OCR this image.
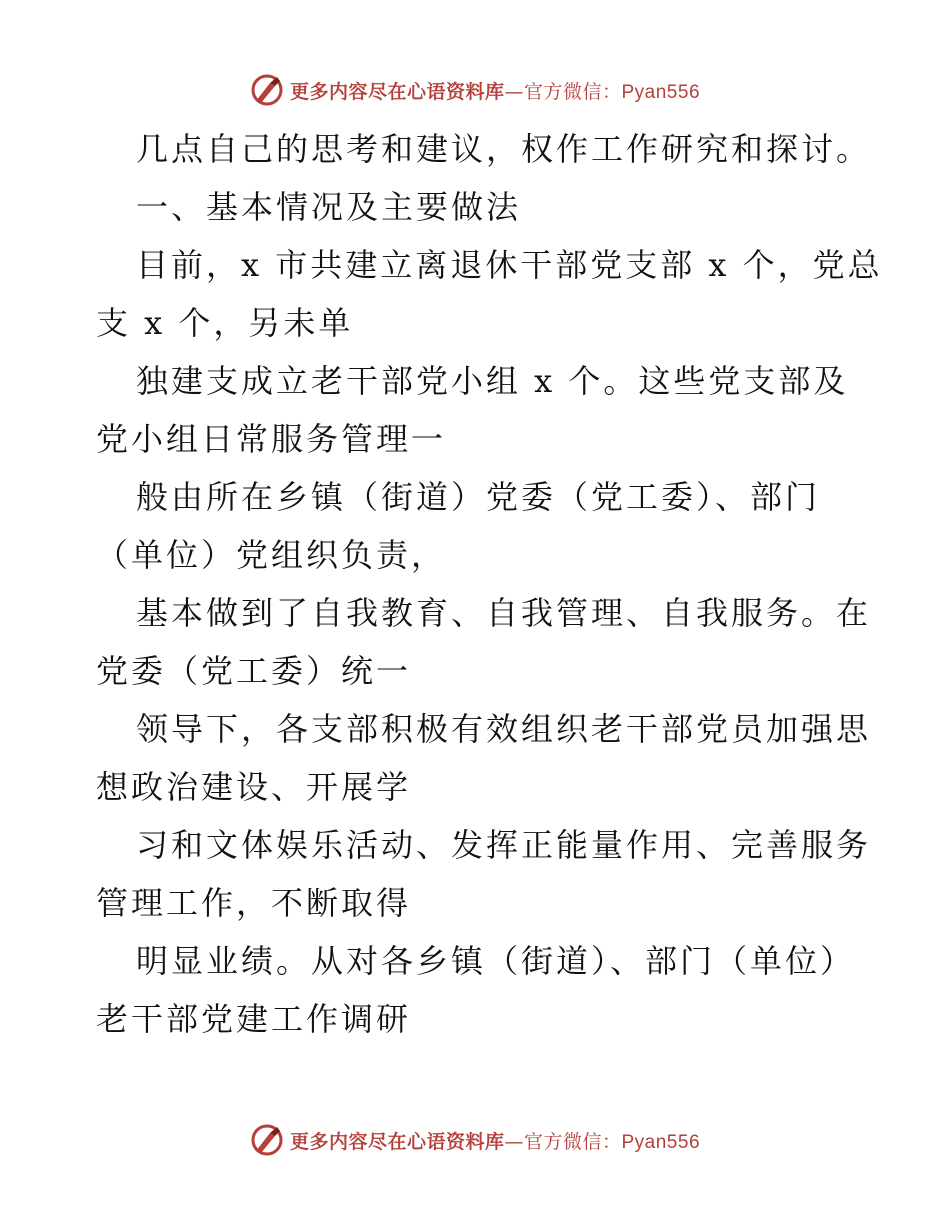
更多内容尽在心语资料库—官方微信：Pyan556
几点自己的思考和建议，权作工作研究和探讨。
一、基本情况及主要做法
目前，x 市共建立离退休干部党支部 x 个，党总
支 x 个，另未单
独建支成立老干部党小组 x 个。这些党支部及
党小组日常服务管理一
般由所在乡镇（街道）党委（党工委）、部门
（单位）党组织负责，
基本做到了自我教育、自我管理、自我服务。在
党委（党工委）统一
领导下，各支部积极有效组织老干部党员加强思
想政治建设、开展学
习和文体娱乐活动、发挥正能量作用、完善服务
管理工作，不断取得
明显业绩。从对各乡镇（街道）、部门（单位）
老干部党建工作调研
更多内容尽在心语资料库—官方微信：Pyan556
